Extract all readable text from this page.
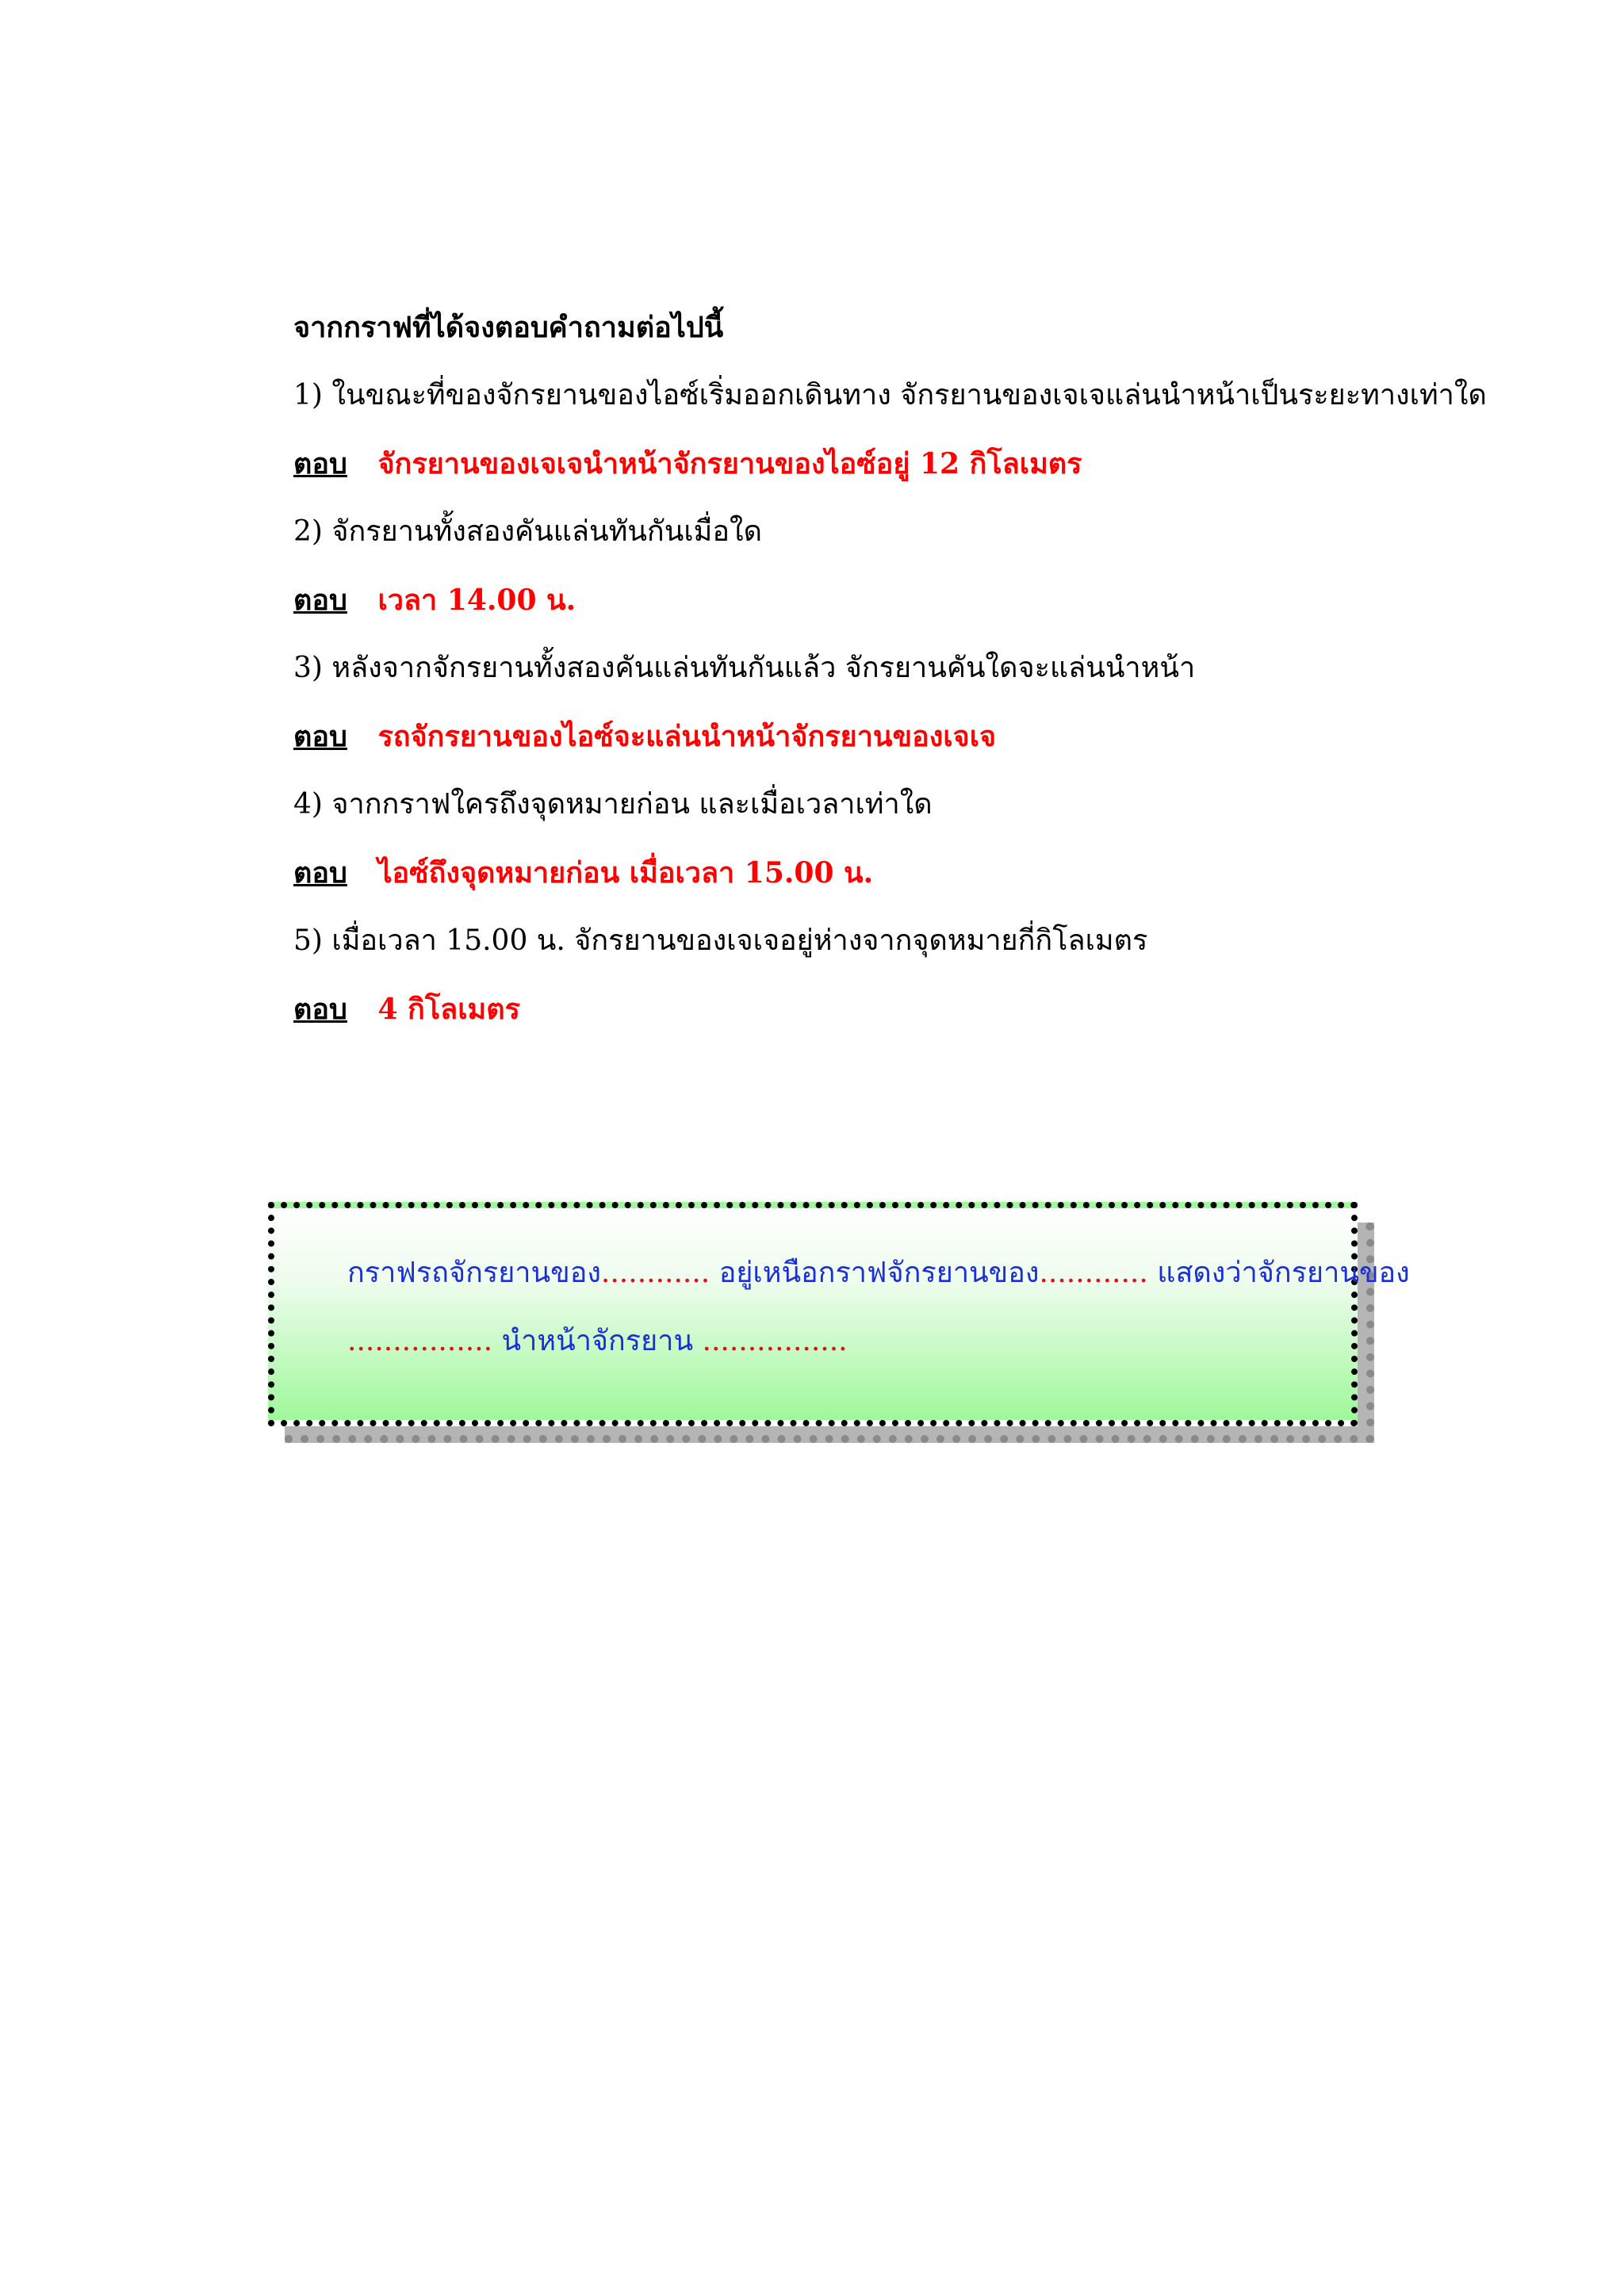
จากกราฟที่ได้จงตอบคำถามต่อไปนี้
1) ในขณะที่ของจักรยานของไอซ์เริ่มออกเดินทาง จักรยานของเจเจแล่นนำหน้าเป็นระยะทางเท่าใด
ตอบ จักรยานของเจเจนำหน้าจักรยานของไอซ์อยู่ 12 กิโลเมตร
2) จักรยานทั้งสองคันแล่นทันกันเมื่อใด
ตอบ เวลา 14.00 น.
3) หลังจากจักรยานทั้งสองคันแล่นทันกันแล้ว จักรยานคันใดจะแล่นนำหน้า
ตอบ รถจักรยานของไอซ์จะแล่นนำหน้าจักรยานของเจเจ
4) จากกราฟใครถึงจุดหมายก่อน และเมื่อเวลาเท่าใด
ตอบ ไอซ์ถึงจุดหมายก่อน เมื่อเวลา 15.00 น.
5) เมื่อเวลา 15.00 น. จักรยานของเจเจอยู่ห่างจากจุดหมายกี่กิโลเมตร
ตอบ 4 กิโลเมตร
กราฟรถจักรยานของ............ อยู่เหนือกราฟจักรยานของ............ แสดงว่าจักรยานของ
................ นำหน้าจักรยาน ................
